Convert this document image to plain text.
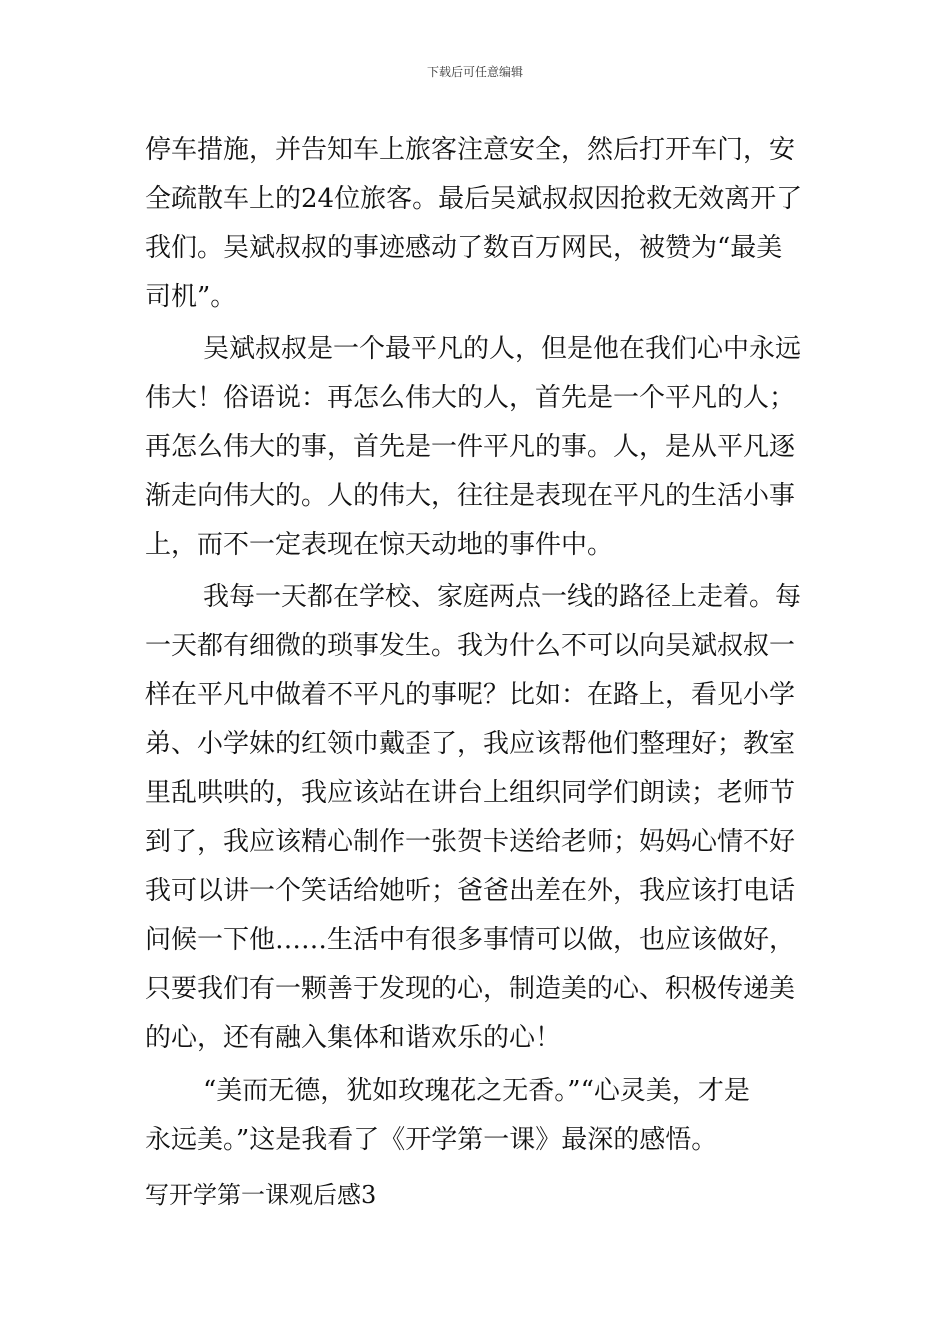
下载后可任意编辑
停车措施，并告知车上旅客注意安全，然后打开车门，安
全疏散车上的24位旅客。最后吴斌叔叔因抢救无效离开了
我们。吴斌叔叔的事迹感动了数百万网民，被赞为“最美
司机”。
吴斌叔叔是一个最平凡的人，但是他在我们心中永远
伟大！俗语说：再怎么伟大的人，首先是一个平凡的人；
再怎么伟大的事，首先是一件平凡的事。人，是从平凡逐
渐走向伟大的。人的伟大，往往是表现在平凡的生活小事
上，而不一定表现在惊天动地的事件中。
我每一天都在学校、家庭两点一线的路径上走着。每
一天都有细微的琐事发生。我为什么不可以向吴斌叔叔一
样在平凡中做着不平凡的事呢？比如：在路上，看见小学
弟、小学妹的红领巾戴歪了，我应该帮他们整理好；教室
里乱哄哄的，我应该站在讲台上组织同学们朗读；老师节
到了，我应该精心制作一张贺卡送给老师；妈妈心情不好
我可以讲一个笑话给她听；爸爸出差在外，我应该打电话
问候一下他……生活中有很多事情可以做，也应该做好，
只要我们有一颗善于发现的心，制造美的心、积极传递美
的心，还有融入集体和谐欢乐的心！
“美而无德，犹如玫瑰花之无香。”“心灵美，才是
永远美。”这是我看了《开学第一课》最深的感悟。
写开学第一课观后感3
